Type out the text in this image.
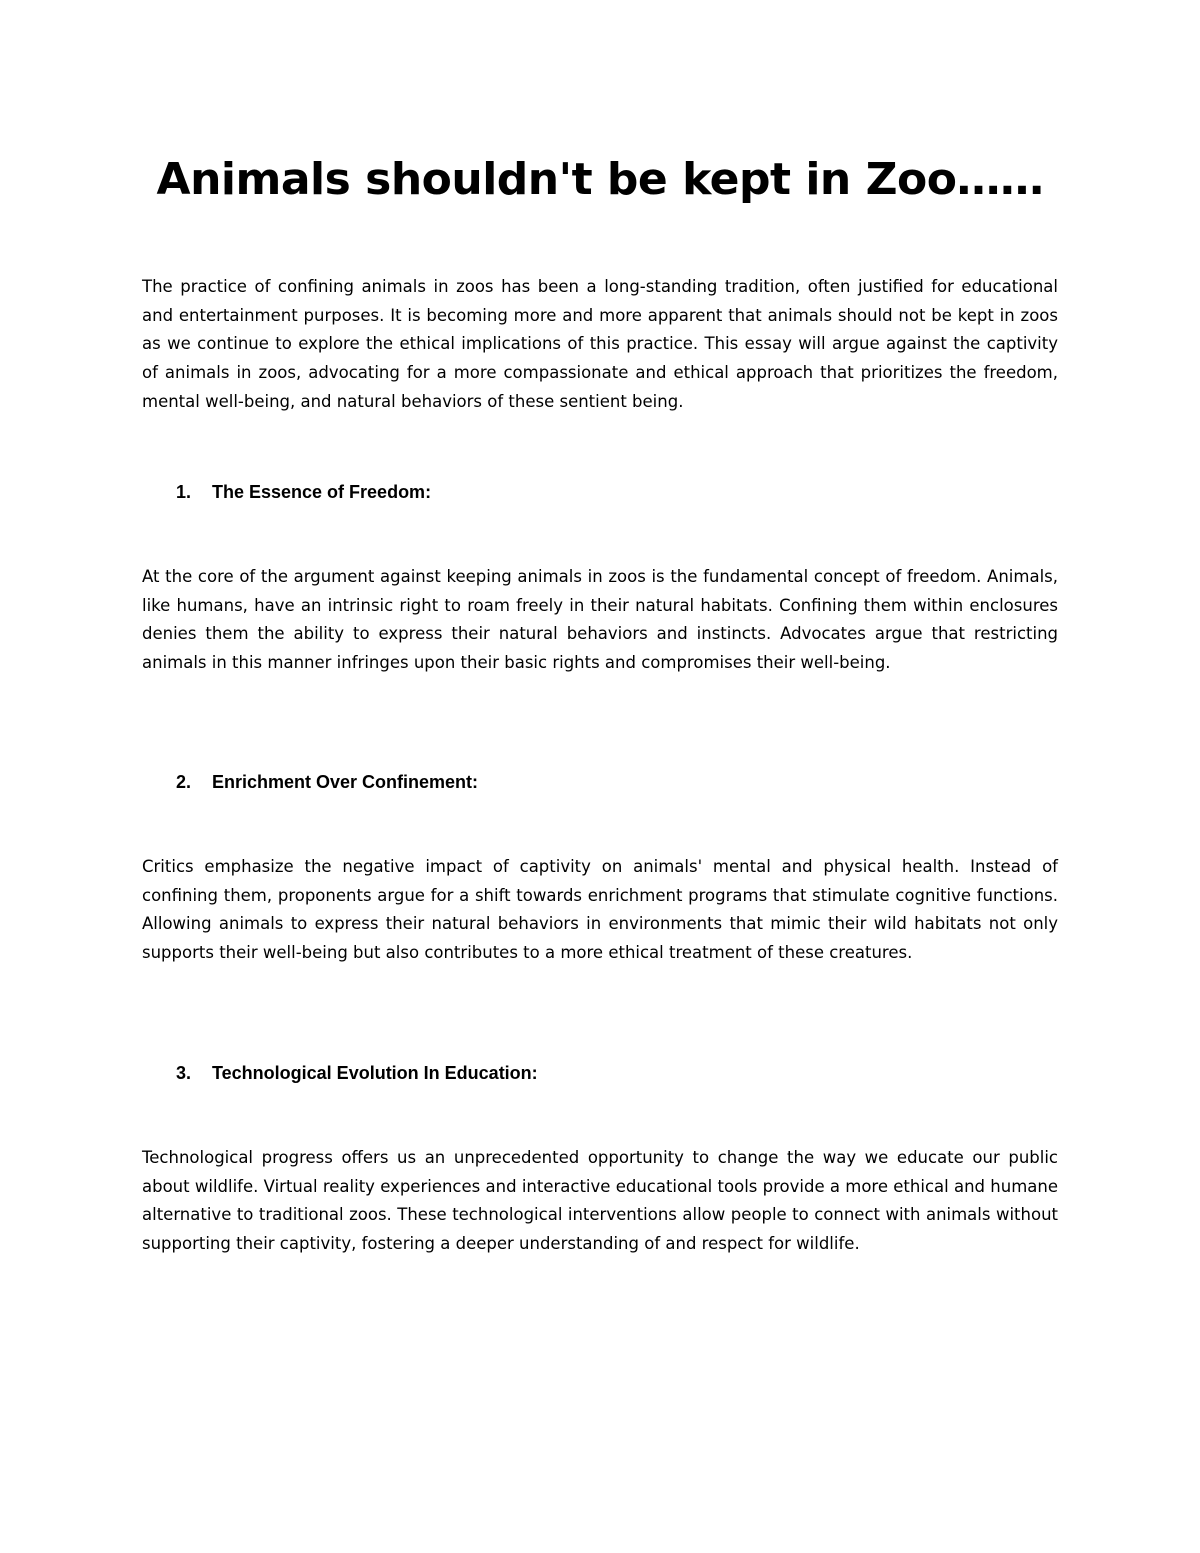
Animals shouldn't be kept in Zoo……

The practice of confining animals in zoos has been a long-standing tradition, often justified for educational and entertainment purposes. It is becoming more and more apparent that animals should not be kept in zoos as we continue to explore the ethical implications of this practice. This essay will argue against the captivity of animals in zoos, advocating for a more compassionate and ethical approach that prioritizes the freedom, mental well-being, and natural behaviors of these sentient being.

1. The Essence of Freedom:

At the core of the argument against keeping animals in zoos is the fundamental concept of freedom. Animals, like humans, have an intrinsic right to roam freely in their natural habitats. Confining them within enclosures denies them the ability to express their natural behaviors and instincts. Advocates argue that restricting animals in this manner infringes upon their basic rights and compromises their well-being.

2. Enrichment Over Confinement:

Critics emphasize the negative impact of captivity on animals' mental and physical health. Instead of confining them, proponents argue for a shift towards enrichment programs that stimulate cognitive functions. Allowing animals to express their natural behaviors in environments that mimic their wild habitats not only supports their well-being but also contributes to a more ethical treatment of these creatures.

3. Technological Evolution In Education:

Technological progress offers us an unprecedented opportunity to change the way we educate our public about wildlife. Virtual reality experiences and interactive educational tools provide a more ethical and humane alternative to traditional zoos. These technological interventions allow people to connect with animals without supporting their captivity, fostering a deeper understanding of and respect for wildlife.
